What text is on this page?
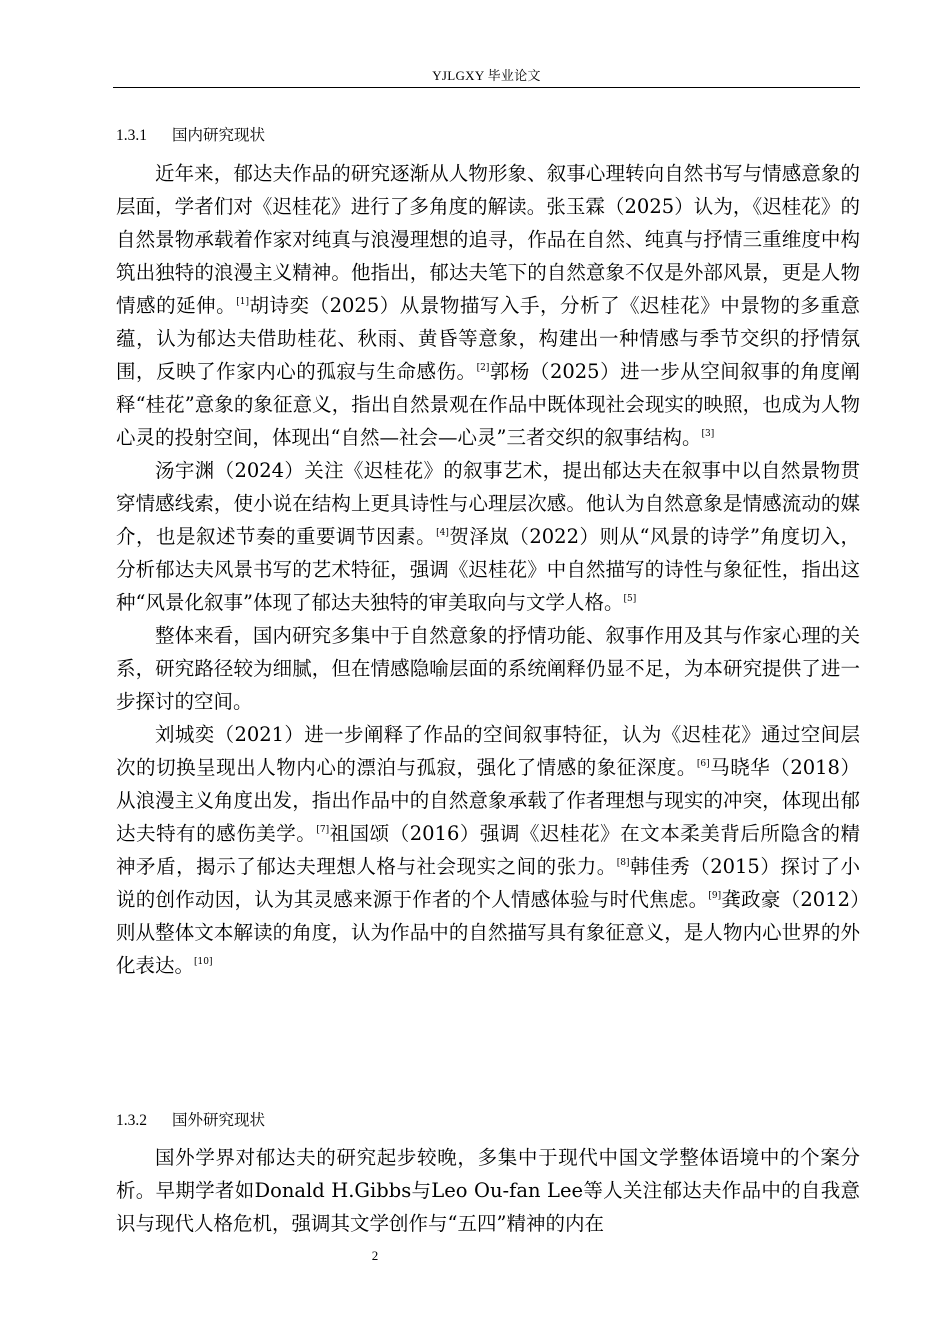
YJLGXY 毕业论文
1.3.1 国内研究现状

近年来，郁达夫作品的研究逐渐从人物形象、叙事心理转向自然书写与情感意象的层面，学者们对《迟桂花》进行了多角度的解读。张玉霖（2025）认为，《迟桂花》的自然景物承载着作家对纯真与浪漫理想的追寻，作品在自然、纯真与抒情三重维度中构筑出独特的浪漫主义精神。他指出，郁达夫笔下的自然意象不仅是外部风景，更是人物情感的延伸。[1]胡诗奕（2025）从景物描写入手，分析了《迟桂花》中景物的多重意蕴，认为郁达夫借助桂花、秋雨、黄昏等意象，构建出一种情感与季节交织的抒情氛围，反映了作家内心的孤寂与生命感伤。[2]郭杨（2025）进一步从空间叙事的角度阐释“桂花”意象的象征意义，指出自然景观在作品中既体现社会现实的映照，也成为人物心灵的投射空间，体现出“自然—社会—心灵”三者交织的叙事结构。[3]

汤宇渊（2024）关注《迟桂花》的叙事艺术，提出郁达夫在叙事中以自然景物贯穿情感线索，使小说在结构上更具诗性与心理层次感。他认为自然意象是情感流动的媒介，也是叙述节奏的重要调节因素。[4]贺泽岚（2022）则从“风景的诗学”角度切入，分析郁达夫风景书写的艺术特征，强调《迟桂花》中自然描写的诗性与象征性，指出这种“风景化叙事”体现了郁达夫独特的审美取向与文学人格。[5]

整体来看，国内研究多集中于自然意象的抒情功能、叙事作用及其与作家心理的关系，研究路径较为细腻，但在情感隐喻层面的系统阐释仍显不足，为本研究提供了进一步探讨的空间。

刘城奕（2021）进一步阐释了作品的空间叙事特征，认为《迟桂花》通过空间层次的切换呈现出人物内心的漂泊与孤寂，强化了情感的象征深度。[6]马晓华（2018）从浪漫主义角度出发，指出作品中的自然意象承载了作者理想与现实的冲突，体现出郁达夫特有的感伤美学。[7]祖国颂（2016）强调《迟桂花》在文本柔美背后所隐含的精神矛盾，揭示了郁达夫理想人格与社会现实之间的张力。[8]韩佳秀（2015）探讨了小说的创作动因，认为其灵感来源于作者的个人情感体验与时代焦虑。[9]龚政豪（2012）则从整体文本解读的角度，认为作品中的自然描写具有象征意义，是人物内心世界的外化表达。[10]

1.3.2 国外研究现状

国外学界对郁达夫的研究起步较晚，多集中于现代中国文学整体语境中的个案分析。早期学者如Donald H.Gibbs与Leo Ou-fan Lee等人关注郁达夫作品中的自我意识与现代人格危机，强调其文学创作与“五四”精神的内在

2
